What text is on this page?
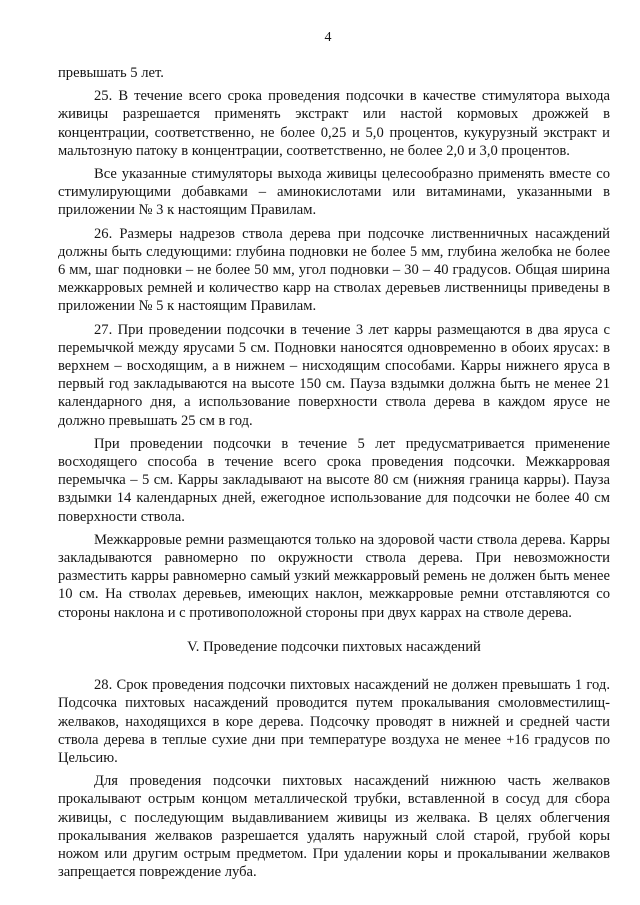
4

превышать 5 лет.

25. В течение всего срока проведения подсочки в качестве стимулятора выхода живицы разрешается применять экстракт или настой кормовых дрожжей в концентрации, соответственно, не более 0,25 и 5,0 процентов, кукурузный экстракт и мальтозную патоку в концентрации, соответственно, не более 2,0 и 3,0 процентов.

Все указанные стимуляторы выхода живицы целесообразно применять вместе со стимулирующими добавками – аминокислотами или витаминами, указанными в приложении № 3 к настоящим Правилам.

26. Размеры надрезов ствола дерева при подсочке лиственничных насаждений должны быть следующими: глубина подновки не более 5 мм, глубина желобка не более 6 мм, шаг подновки – не более 50 мм, угол подновки – 30 – 40 градусов. Общая ширина межкарровых ремней и количество карр на стволах деревьев лиственницы приведены в приложении № 5 к настоящим Правилам.

27. При проведении подсочки в течение 3 лет карры размещаются в два яруса с перемычкой между ярусами 5 см. Подновки наносятся одновременно в обоих ярусах: в верхнем – восходящим, а в нижнем – нисходящим способами. Карры нижнего яруса в первый год закладываются на высоте 150 см. Пауза вздымки должна быть не менее 21 календарного дня, а использование поверхности ствола дерева в каждом ярусе не должно превышать 25 см в год.

При проведении подсочки в течение 5 лет предусматривается применение восходящего способа в течение всего срока проведения подсочки. Межкарровая перемычка – 5 см. Карры закладывают на высоте 80 см (нижняя граница карры). Пауза вздымки 14 календарных дней, ежегодное использование для подсочки не более 40 см поверхности ствола.

Межкарровые ремни размещаются только на здоровой части ствола дерева. Карры закладываются равномерно по окружности ствола дерева. При невозможности разместить карры равномерно самый узкий межкарровый ремень не должен быть менее 10 см. На стволах деревьев, имеющих наклон, межкарровые ремни отставляются со стороны наклона и с противоположной стороны при двух каррах на стволе дерева.

V. Проведение подсочки пихтовых насаждений

28. Срок проведения подсочки пихтовых насаждений не должен превышать 1 год. Подсочка пихтовых насаждений проводится путем прокалывания смоловместилищ-желваков, находящихся в коре дерева. Подсочку проводят в нижней и средней части ствола дерева в теплые сухие дни при температуре воздуха не менее +16 градусов по Цельсию.

Для проведения подсочки пихтовых насаждений нижнюю часть желваков прокалывают острым концом металлической трубки, вставленной в сосуд для сбора живицы, с последующим выдавливанием живицы из желвака. В целях облегчения прокалывания желваков разрешается удалять наружный слой старой, грубой коры ножом или другим острым предметом. При удалении коры и прокалывании желваков запрещается повреждение луба.
